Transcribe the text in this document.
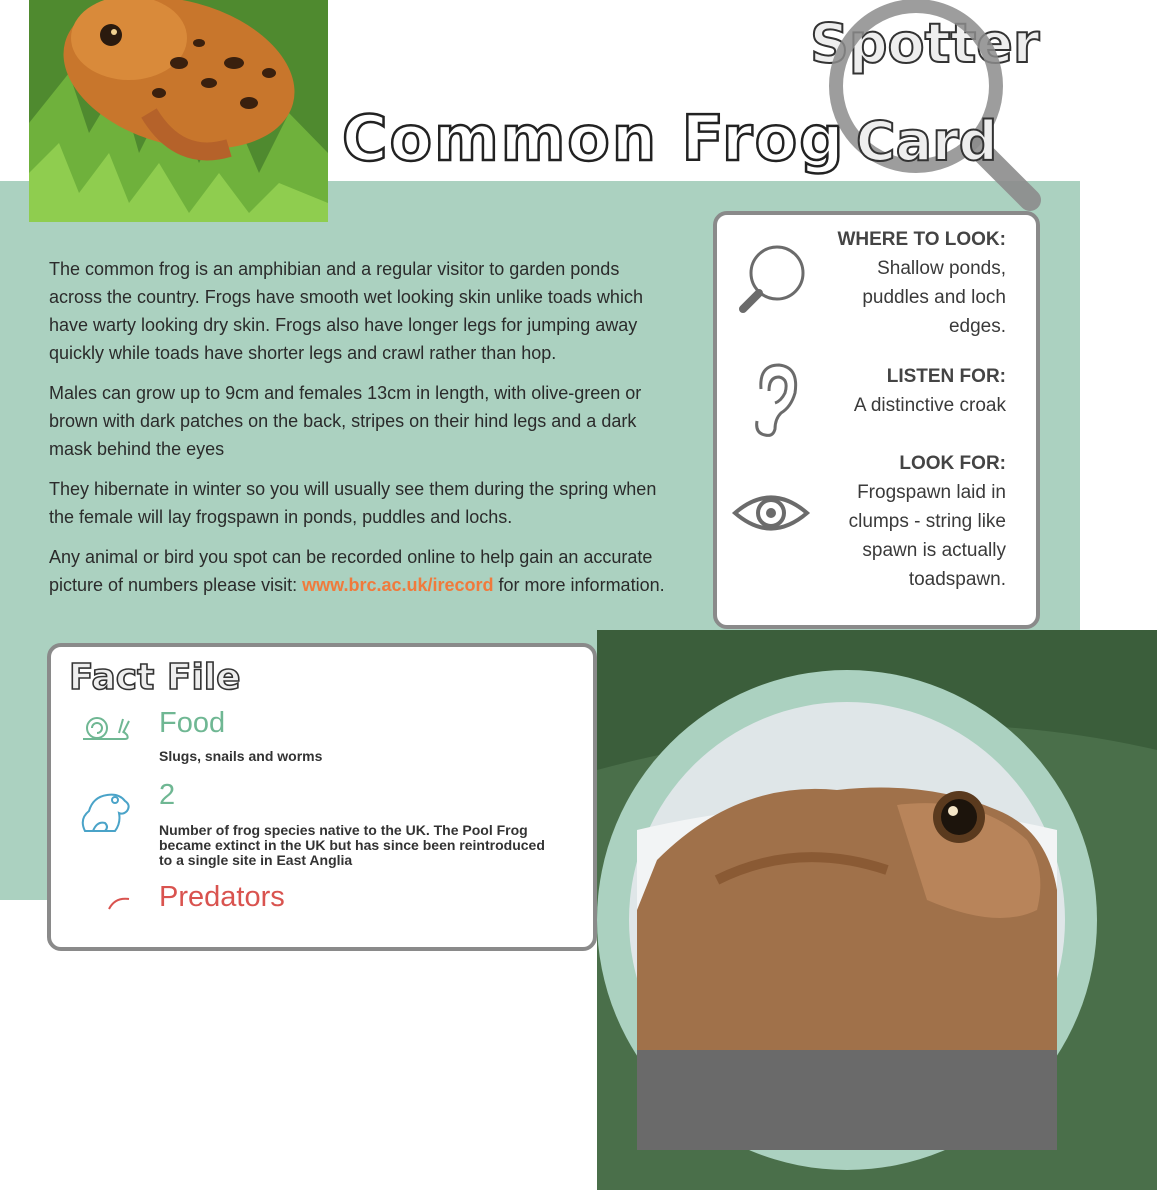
Common Frog
Spotter
Card

The common frog is an amphibian and a regular visitor to garden ponds across the country. Frogs have smooth wet looking skin unlike toads which have warty looking dry skin. Frogs also have longer legs for jumping away quickly while toads have shorter legs and crawl rather than hop.

Males can grow up to 9cm and females 13cm in length, with olive-green or brown with dark patches on the back, stripes on their hind legs and a dark mask behind the eyes

They hibernate in winter so you will usually see them during the spring when the female will lay frogspawn in ponds, puddles and lochs.

Any animal or bird you spot can be recorded online to help gain an accurate picture of numbers please visit: www.brc.ac.uk/irecord for more information.

WHERE TO LOOK:
Shallow ponds, puddles and loch edges.
LISTEN FOR:
A distinctive croak
LOOK FOR:
Frogspawn laid in clumps - string like spawn is actually toadspawn.
Fact File
Food
Slugs, snails and worms
2
Number of frog species native to the UK. The Pool Frog became extinct in the UK but has since been reintroduced to a single site in East Anglia
Predators
